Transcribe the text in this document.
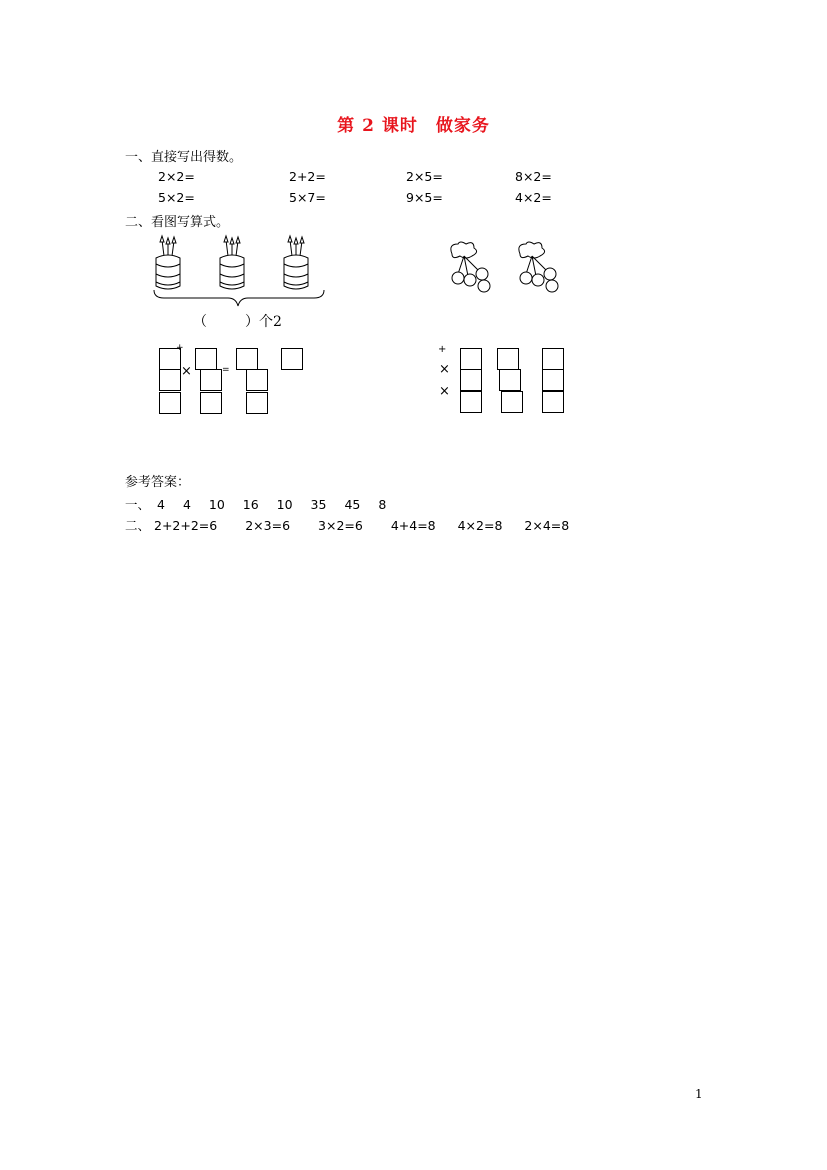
第 2 课时　做家务
一、直接写出得数。
2×2=	2+2=	2×5=	8×2=
5×2=	5×7=	9×5=	4×2=
二、看图写算式。
（	）个2
+
×	=
+
×
×
参考答案：
一、 4 4 10 16 10 35 45 8
二、 2+2+2=6 2×3=6 3×2=6 4+4=8 4×2=8 2×4=8
1
